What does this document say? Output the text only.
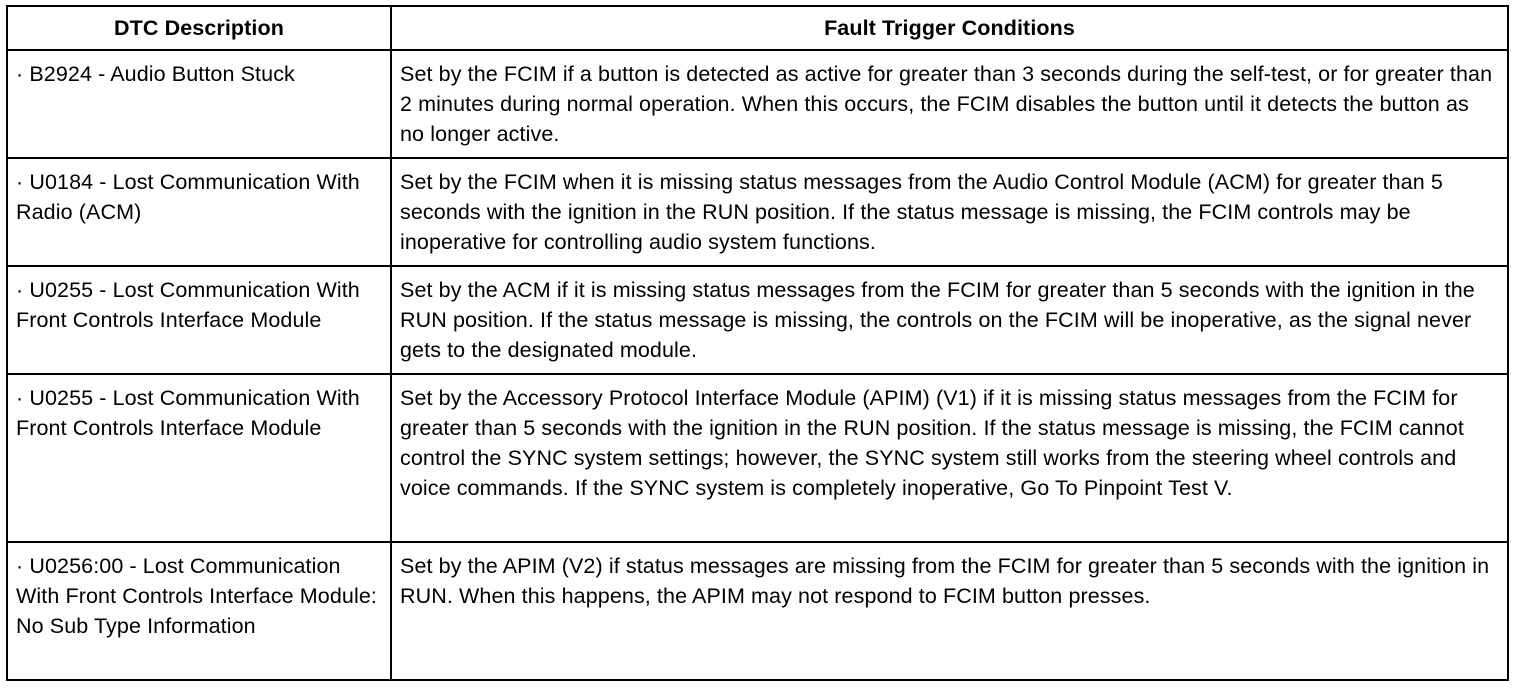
DTC Description	Fault Trigger Conditions
· B2924 - Audio Button Stuck	Set by the FCIM if a button is detected as active for greater than 3 seconds during the self-test, or for greater than 2 minutes during normal operation. When this occurs, the FCIM disables the button until it detects the button as no longer active.
· U0184 - Lost Communication With Radio (ACM)	Set by the FCIM when it is missing status messages from the Audio Control Module (ACM) for greater than 5 seconds with the ignition in the RUN position. If the status message is missing, the FCIM controls may be inoperative for controlling audio system functions.
· U0255 - Lost Communication With Front Controls Interface Module	Set by the ACM if it is missing status messages from the FCIM for greater than 5 seconds with the ignition in the RUN position. If the status message is missing, the controls on the FCIM will be inoperative, as the signal never gets to the designated module.
· U0255 - Lost Communication With Front Controls Interface Module	Set by the Accessory Protocol Interface Module (APIM) (V1) if it is missing status messages from the FCIM for greater than 5 seconds with the ignition in the RUN position. If the status message is missing, the FCIM cannot control the SYNC system settings; however, the SYNC system still works from the steering wheel controls and voice commands. If the SYNC system is completely inoperative, Go To Pinpoint Test V.
· U0256:00 - Lost Communication With Front Controls Interface Module: No Sub Type Information	Set by the APIM (V2) if status messages are missing from the FCIM for greater than 5 seconds with the ignition in RUN. When this happens, the APIM may not respond to FCIM button presses.
